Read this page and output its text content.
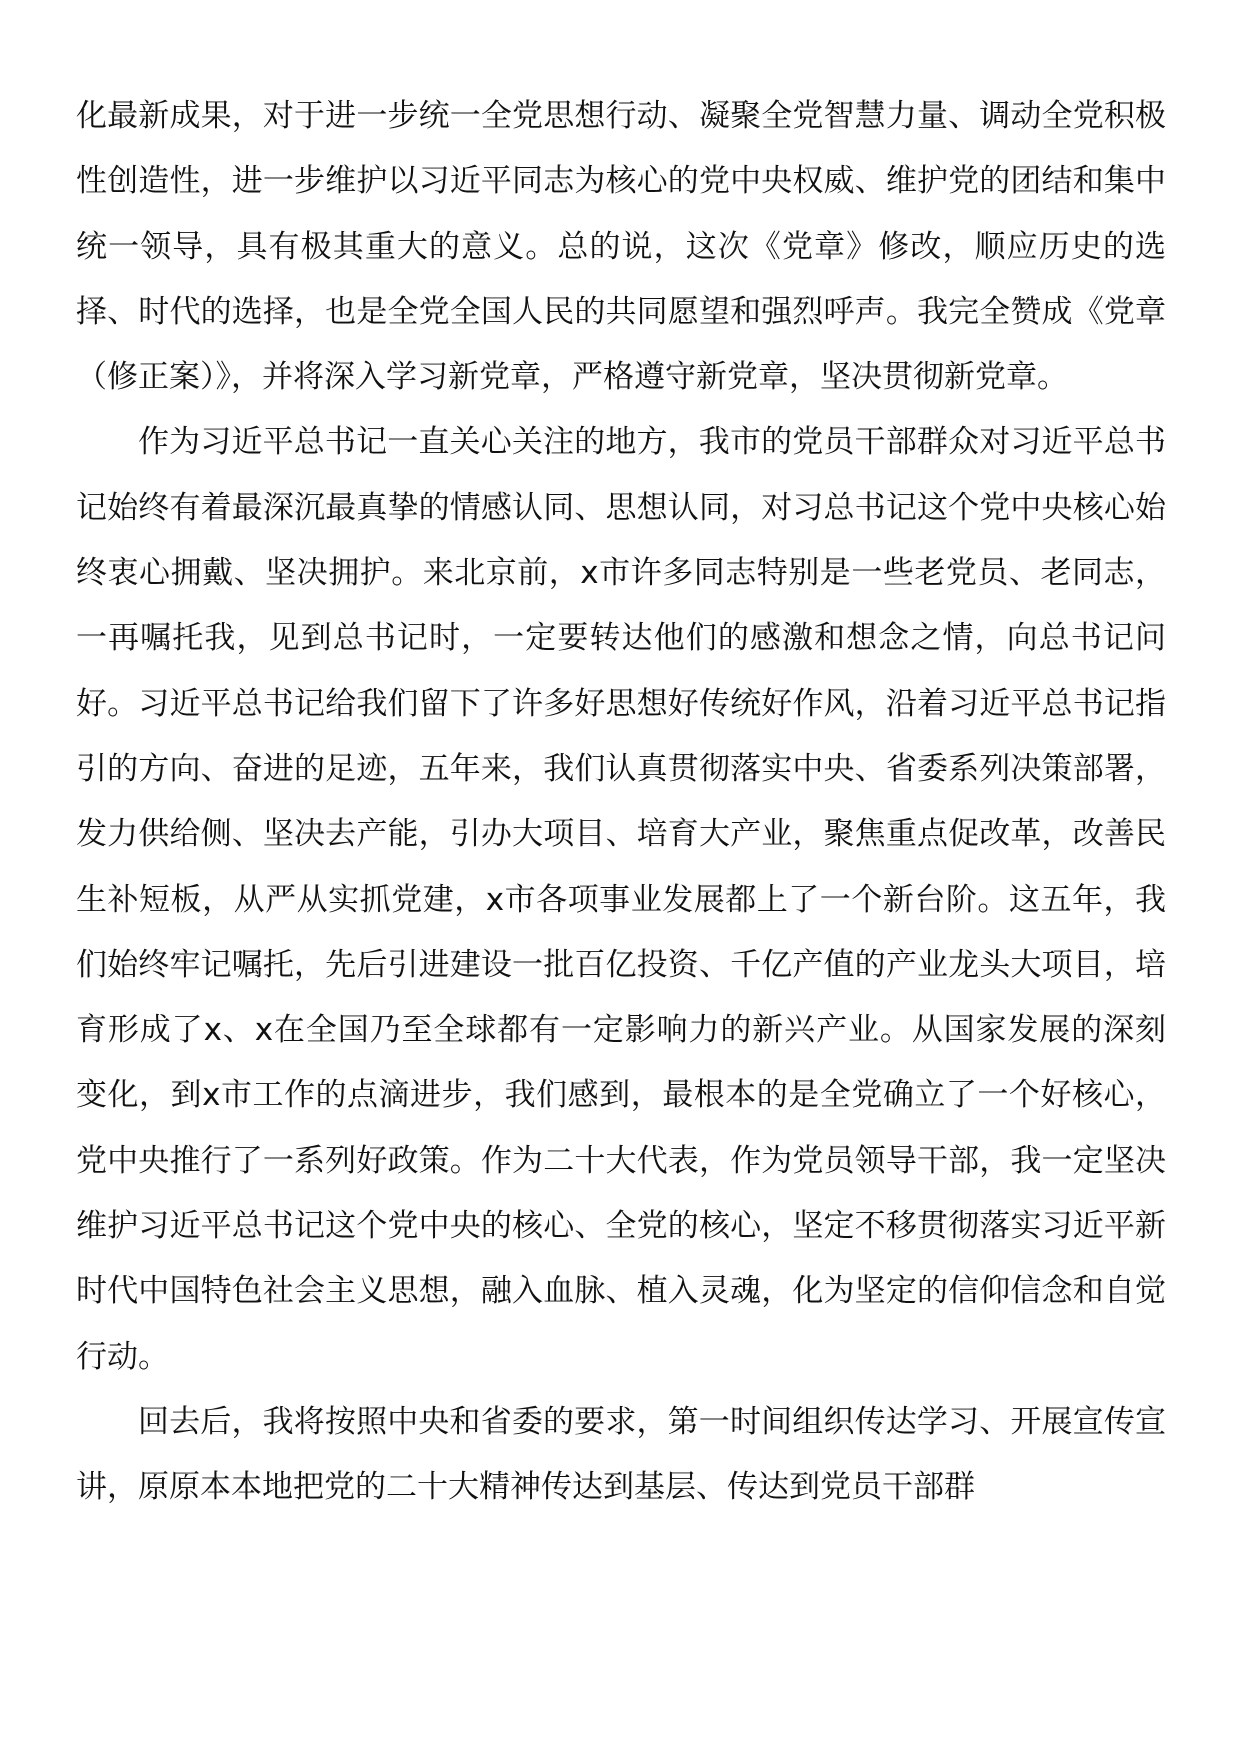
化最新成果，对于进一步统一全党思想行动、凝聚全党智慧力量、调动全党积极性创造性，进一步维护以习近平同志为核心的党中央权威、维护党的团结和集中统一领导，具有极其重大的意义。总的说，这次《党章》修改，顺应历史的选择、时代的选择，也是全党全国人民的共同愿望和强烈呼声。我完全赞成《党章（修正案）》，并将深入学习新党章，严格遵守新党章，坚决贯彻新党章。

作为习近平总书记一直关心关注的地方，我市的党员干部群众对习近平总书记始终有着最深沉最真挚的情感认同、思想认同，对习总书记这个党中央核心始终衷心拥戴、坚决拥护。来北京前，x市许多同志特别是一些老党员、老同志，一再嘱托我，见到总书记时，一定要转达他们的感激和想念之情，向总书记问好。习近平总书记给我们留下了许多好思想好传统好作风，沿着习近平总书记指引的方向、奋进的足迹，五年来，我们认真贯彻落实中央、省委系列决策部署，发力供给侧、坚决去产能，引办大项目、培育大产业，聚焦重点促改革，改善民生补短板，从严从实抓党建，x市各项事业发展都上了一个新台阶。这五年，我们始终牢记嘱托，先后引进建设一批百亿投资、千亿产值的产业龙头大项目，培育形成了x、x在全国乃至全球都有一定影响力的新兴产业。从国家发展的深刻变化，到x市工作的点滴进步，我们感到，最根本的是全党确立了一个好核心，党中央推行了一系列好政策。作为二十大代表，作为党员领导干部，我一定坚决维护习近平总书记这个党中央的核心、全党的核心，坚定不移贯彻落实习近平新时代中国特色社会主义思想，融入血脉、植入灵魂，化为坚定的信仰信念和自觉行动。

回去后，我将按照中央和省委的要求，第一时间组织传达学习、开展宣传宣讲，原原本本地把党的二十大精神传达到基层、传达到党员干部群
